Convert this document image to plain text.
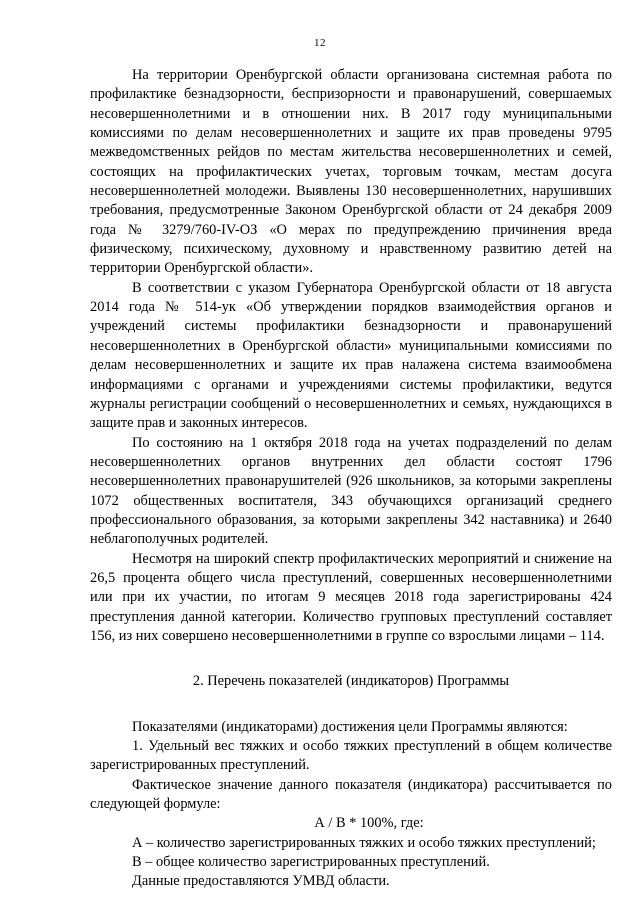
12

На территории Оренбургской области организована системная работа по профилактике безнадзорности, беспризорности и правонарушений, совершаемых несовершеннолетними и в отношении них. В 2017 году муниципальными комиссиями по делам несовершеннолетних и защите их прав проведены 9795 межведомственных рейдов по местам жительства несовершеннолетних и семей, состоящих на профилактических учетах, торговым точкам, местам досуга несовершеннолетней молодежи. Выявлены 130 несовершеннолетних, нарушивших требования, предусмотренные Законом Оренбургской области от 24 декабря 2009 года № 3279/760-IV-ОЗ «О мерах по предупреждению причинения вреда физическому, психическому, духовному и нравственному развитию детей на территории Оренбургской области».

В соответствии с указом Губернатора Оренбургской области от 18 августа 2014 года № 514-ук «Об утверждении порядков взаимодействия органов и учреждений системы профилактики безнадзорности и правонарушений несовершеннолетних в Оренбургской области» муниципальными комиссиями по делам несовершеннолетних и защите их прав налажена система взаимообмена информациями с органами и учреждениями системы профилактики, ведутся журналы регистрации сообщений о несовершеннолетних и семьях, нуждающихся в защите прав и законных интересов.

По состоянию на 1 октября 2018 года на учетах подразделений по делам несовершеннолетних органов внутренних дел области состоят 1796 несовершеннолетних правонарушителей (926 школьников, за которыми закреплены 1072 общественных воспитателя, 343 обучающихся организаций среднего профессионального образования, за которыми закреплены 342 наставника) и 2640 неблагополучных родителей.

Несмотря на широкий спектр профилактических мероприятий и снижение на 26,5 процента общего числа преступлений, совершенных несовершеннолетними или при их участии, по итогам 9 месяцев 2018 года зарегистрированы 424 преступления данной категории. Количество групповых преступлений составляет 156, из них совершено несовершеннолетними в группе со взрослыми лицами – 114.

2. Перечень показателей (индикаторов) Программы

Показателями (индикаторами) достижения цели Программы являются:

1. Удельный вес тяжких и особо тяжких преступлений в общем количестве зарегистрированных преступлений.

Фактическое значение данного показателя (индикатора) рассчитывается по следующей формуле:

А / В * 100%, где:

А – количество зарегистрированных тяжких и особо тяжких преступлений;

В – общее количество зарегистрированных преступлений.

Данные предоставляются УМВД области.
